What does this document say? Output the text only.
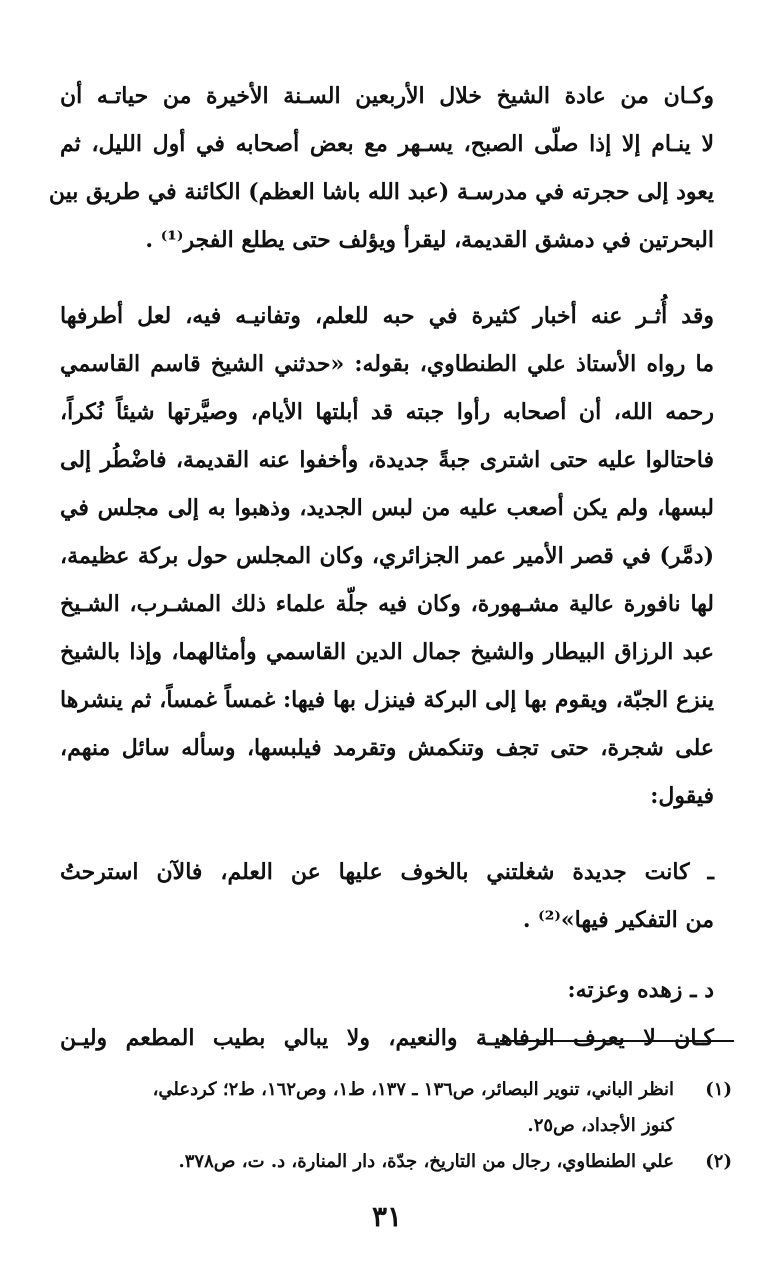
وكـان من عادة الشيخ خلال الأربعين السـنة الأخيرة من حياتـه أن
لا ينـام إلا إذا صلّى الصبح، يسـهر مع بعض أصحابه في أول الليل، ثم
يعود إلى حجرته في مدرسـة (عبد الله باشا العظم) الكائنة في طريق بين
البحرتين في دمشق القديمة، ليقرأ ويؤلف حتى يطلع الفجر⁽¹⁾ .
وقد أُثـر عنه أخبار كثيرة في حبه للعلم، وتفانيـه فيه، لعل أطرفها
ما رواه الأستاذ علي الطنطاوي، بقوله: «حدثني الشيخ قاسم القاسمي
رحمه الله، أن أصحابه رأوا جبته قد أبلتها الأيام، وصيَّرتها شيئاً نُكراً،
فاحتالوا عليه حتى اشترى جبةً جديدة، وأخفوا عنه القديمة، فاضْطُر إلى
لبسها، ولم يكن أصعب عليه من لبس الجديد، وذهبوا به إلى مجلس في
(دمَّر) في قصر الأمير عمر الجزائري، وكان المجلس حول بركة عظيمة،
لها نافورة عالية مشـهورة، وكان فيه جلّة علماء ذلك المشـرب، الشـيخ
عبد الرزاق البيطار والشيخ جمال الدين القاسمي وأمثالهما، وإذا بالشيخ
ينزع الجبّة، ويقوم بها إلى البركة فينزل بها فيها: غمساً غمساً، ثم ينشرها
على شجرة، حتى تجف وتنكمش وتقرمد فيلبسها، وسأله سائل منهم،
فيقول:
ـ كانت جديدة شغلتني بالخوف عليها عن العلم، فالآن استرحتُ
من التفكير فيها»⁽²⁾ .
د ـ زهده وعزته:
كـان لا يعرف الرفاهيـة والنعيم، ولا يبالي بطيب المطعم وليـن
(١)
انظر الباني، تنوير البصائر، ص١٣٦ ـ ١٣٧، ط١، وص١٦٢، ط٢؛ كردعلي،
كنوز الأجداد، ص٢٥.
(٢)
علي الطنطاوي، رجال من التاريخ، جدّة، دار المنارة، د. ت، ص٣٧٨.
٣١
